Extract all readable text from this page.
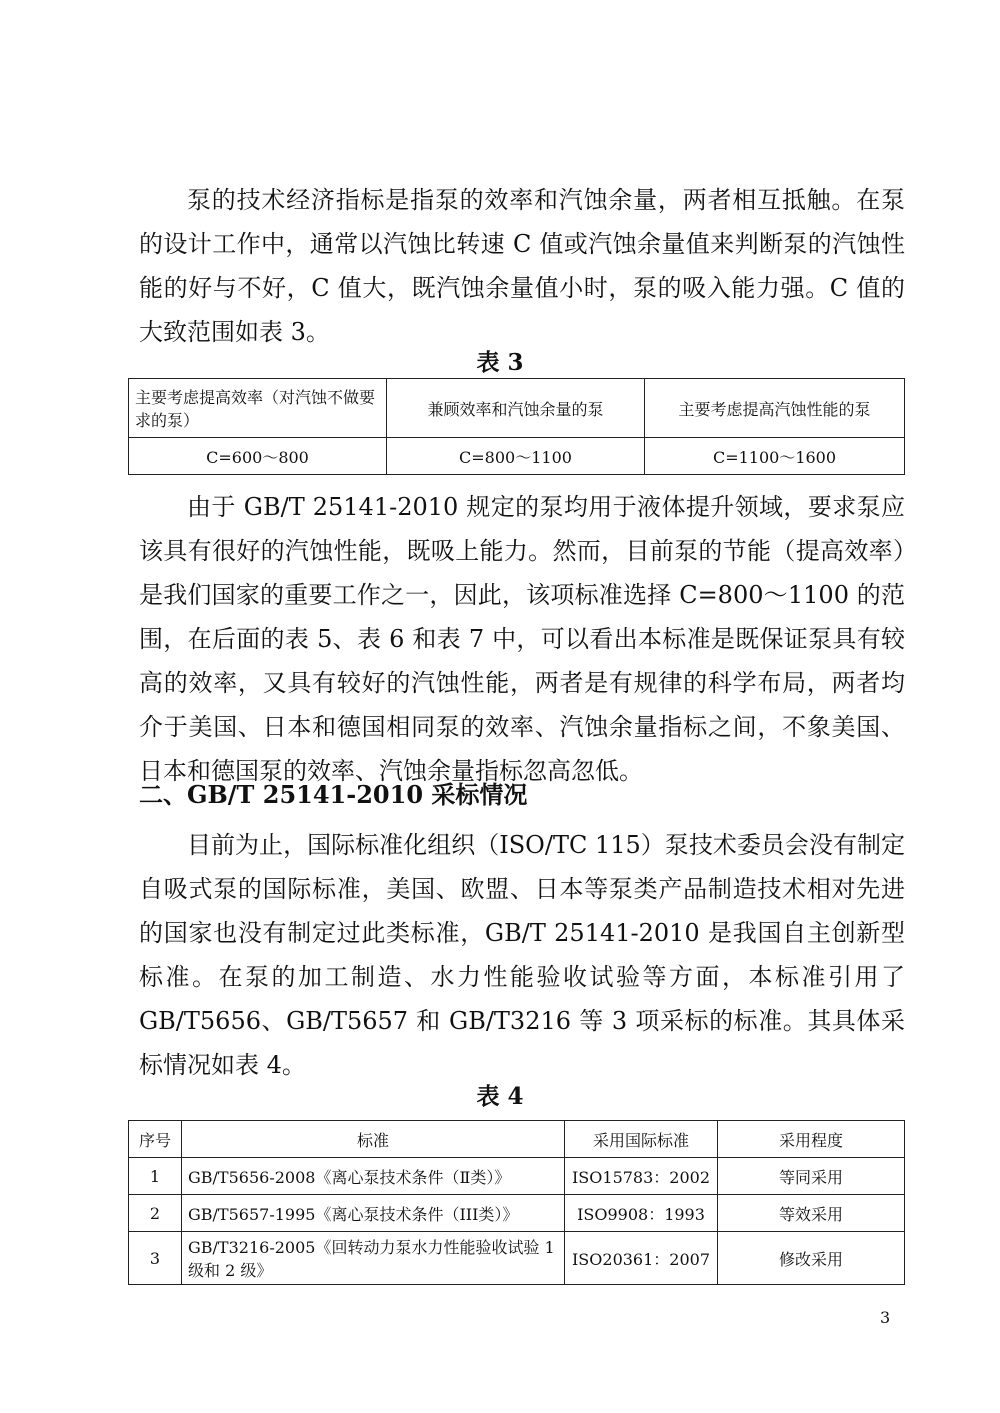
泵的技术经济指标是指泵的效率和汽蚀余量，两者相互抵触。在泵的设计工作中，通常以汽蚀比转速 C 值或汽蚀余量值来判断泵的汽蚀性能的好与不好，C 值大，既汽蚀余量值小时，泵的吸入能力强。C 值的大致范围如表 3。

表 3

主要考虑提高效率（对汽蚀不做要求的泵）	兼顾效率和汽蚀余量的泵	主要考虑提高汽蚀性能的泵
C=600～800	C=800～1100	C=1100～1600

由于 GB/T 25141-2010 规定的泵均用于液体提升领域，要求泵应该具有很好的汽蚀性能，既吸上能力。然而，目前泵的节能（提高效率）是我们国家的重要工作之一，因此，该项标准选择 C=800～1100 的范围，在后面的表 5、表 6 和表 7 中，可以看出本标准是既保证泵具有较高的效率，又具有较好的汽蚀性能，两者是有规律的科学布局，两者均介于美国、日本和德国相同泵的效率、汽蚀余量指标之间，不象美国、日本和德国泵的效率、汽蚀余量指标忽高忽低。

二、GB/T 25141-2010 采标情况

目前为止，国际标准化组织（ISO/TC 115）泵技术委员会没有制定自吸式泵的国际标准，美国、欧盟、日本等泵类产品制造技术相对先进的国家也没有制定过此类标准，GB/T 25141-2010 是我国自主创新型标准。在泵的加工制造、水力性能验收试验等方面，本标准引用了 GB/T5656、GB/T5657 和 GB/T3216 等 3 项采标的标准。其具体采标情况如表 4。

表 4

序号	标准	采用国际标准	采用程度
1	GB/T5656-2008《离心泵技术条件（Ⅱ类）》	ISO15783：2002	等同采用
2	GB/T5657-1995《离心泵技术条件（III类）》	ISO9908：1993	等效采用
3	GB/T3216-2005《回转动力泵水力性能验收试验 1 级和 2 级》	ISO20361：2007	修改采用
3
